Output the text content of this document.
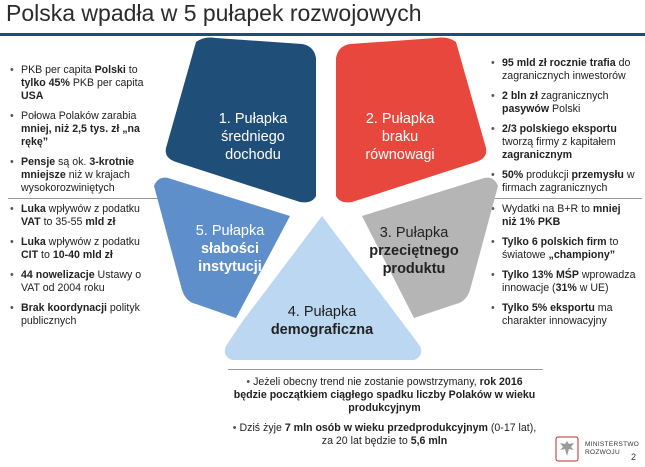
Polska wpadła w 5 pułapek rozwojowych
• PKB per capita Polski to tylko 45% PKB per capita USA
• Połowa Polaków zarabia mniej, niż 2,5 tys. zł „na rękę”
• Pensje są ok. 3-krotnie mniejsze niż w krajach wysokorozwiniętych
• Luka wpływów z podatku VAT to 35-55 mld zł
• Luka wpływów z podatku CIT to 10-40 mld zł
• 44 nowelizacje Ustawy o VAT od 2004 roku
• Brak koordynacji polityk publicznych
• 95 mld zł rocznie trafia do zagranicznych inwestorów
• 2 bln zł zagranicznych pasywów Polski
• 2/3 polskiego eksportu tworzą firmy z kapitałem zagranicznym
• 50% produkcji przemysłu w firmach zagranicznych
• Wydatki na B+R to mniej niż 1% PKB
• Tylko 6 polskich firm to światowe „championy”
• Tylko 13% MŚP wprowadza innowacje (31% w UE)
• Tylko 5% eksportu ma charakter innowacyjny
• Jeżeli obecny trend nie zostanie powstrzymany, rok 2016 będzie początkiem ciągłego spadku liczby Polaków w wieku produkcyjnym
• Dziś żyje 7 mln osób w wieku przedprodukcyjnym (0-17 lat), za 20 lat będzie to 5,6 mln
1. Pułapka
średniego
dochodu
2. Pułapka
braku
równowagi
3. Pułapka
przeciętnego
produktu
4. Pułapka
demograficzna
5. Pułapka
słabości
instytucji
MINISTERSTWO
ROZWOJU	2
